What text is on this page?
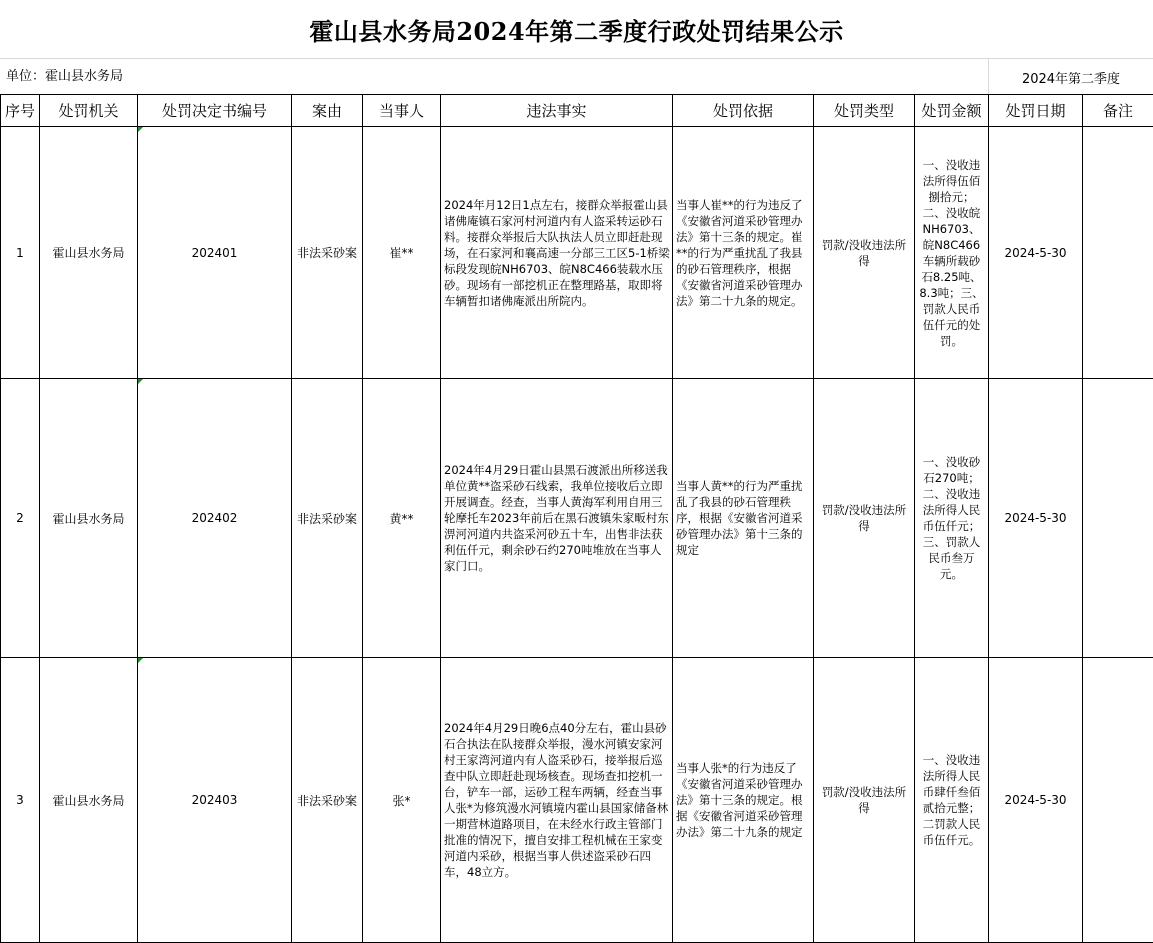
霍山县水务局2024年第二季度行政处罚结果公示
单位：霍山县水务局	2024年第二季度
序号	处罚机关	处罚决定书编号	案由	当事人	违法事实	处罚依据	处罚类型	处罚金额	处罚日期	备注
1	霍山县水务局	202401	非法采砂案	崔**	2024年月12日1点左右，接群众举报霍山县诸佛庵镇石家河村河道内有人盗采转运砂石料。接群众举报后大队执法人员立即赶赴现场，在石家河和襄高速一分部三工区5-1桥梁标段发现皖NH6703、皖N8C466装载水压砂。现场有一部挖机正在整理路基，取即将车辆暂扣诸佛庵派出所院内。	当事人崔**的行为违反了《安徽省河道采砂管理办法》第十三条的规定。崔**的行为严重扰乱了我县的砂石管理秩序，根据《安徽省河道采砂管理办法》第二十九条的规定。	罚款/没收违法所得	一、没收违法所得伍佰捌拾元；二、没收皖NH6703、皖N8C466车辆所载砂石8.25吨、8.3吨；三、罚款人民币伍仟元的处罚。	2024-5-30	
2	霍山县水务局	202402	非法采砂案	黄**	2024年4月29日霍山县黑石渡派出所移送我单位黄**盗采砂石线索，我单位接收后立即开展调查。经查，当事人黄海军利用自用三轮摩托车2023年前后在黑石渡镇朱家畈村东淠河河道内共盗采河砂五十车，出售非法获利伍仟元，剩余砂石约270吨堆放在当事人家门口。	当事人黄**的行为严重扰乱了我县的砂石管理秩序，根据《安徽省河道采砂管理办法》第十三条的规定	罚款/没收违法所得	一、没收砂石270吨；二、没收违法所得人民币伍仟元；三、罚款人民币叁万元。	2024-5-30	
3	霍山县水务局	202403	非法采砂案	张*	2024年4月29日晚6点40分左右，霍山县砂石合执法在队接群众举报，漫水河镇安家河村王家湾河道内有人盗采砂石，接举报后巡查中队立即赶赴现场核查。现场查扣挖机一台，铲车一部，运砂工程车两辆，经查当事人张*为修筑漫水河镇境内霍山县国家储备林一期营林道路项目，在未经水行政主管部门批准的情况下，擅自安排工程机械在王家变河道内采砂，根据当事人供述盗采砂石四车，48立方。	当事人张*的行为违反了《安徽省河道采砂管理办法》第十三条的规定。根据《安徽省河道采砂管理办法》第二十九条的规定	罚款/没收违法所得	一、没收违法所得人民币肆仟叁佰贰拾元整；二罚款人民币伍仟元。	2024-5-30	
